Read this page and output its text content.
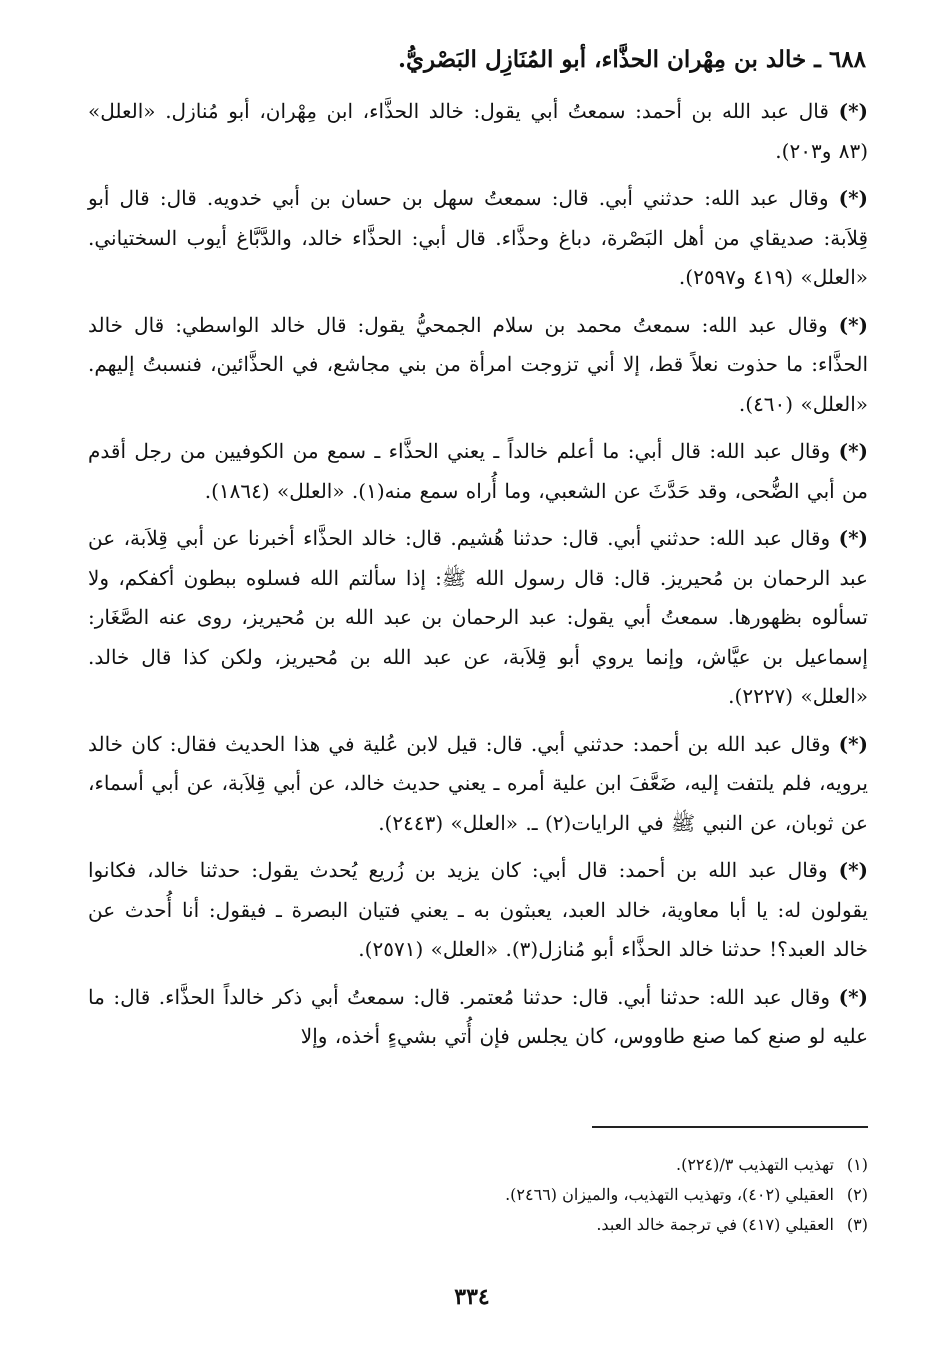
٦٨٨ ـ خالد بن مِهْران الحذَّاء، أبو المُنَازِل البَصْريُّ.

(*) قال عبد الله بن أحمد: سمعتُ أبي يقول: خالد الحذَّاء، ابن مِهْران، أبو مُنازل. «العلل» (٨٣ و٢٠٣).

(*) وقال عبد الله: حدثني أبي. قال: سمعتُ سهل بن حسان بن أبي خدويه. قال: قال أبو قِلاَبة: صديقاي من أهل البَصْرة، دباغ وحذَّاء. قال أبي: الحذَّاء خالد، والدَّبَّاغ أيوب السختياني. «العلل» (٤١٩ و٢٥٩٧).

(*) وقال عبد الله: سمعتُ محمد بن سلام الجمحيُّ يقول: قال خالد الواسطي: قال خالد الحذَّاء: ما حذوت نعلاً قط، إلا أني تزوجت امرأة من بني مجاشع، في الحذَّائين، فنسبتُ إليهم. «العلل» (٤٦٠).

(*) وقال عبد الله: قال أبي: ما أعلم خالداً ـ يعني الحذَّاء ـ سمع من الكوفيين من رجل أقدم من أبي الضُّحى، وقد حَدَّثَ عن الشعبي، وما أُراه سمع منه(١). «العلل» (١٨٦٤).

(*) وقال عبد الله: حدثني أبي. قال: حدثنا هُشيم. قال: خالد الحذَّاء أخبرنا عن أبي قِلاَبة، عن عبد الرحمان بن مُحيريز. قال: قال رسول الله ﷺ: إذا سألتم الله فسلوه ببطون أكفكم، ولا تسألوه بظهورها. سمعتُ أبي يقول: عبد الرحمان بن عبد الله بن مُحيريز، روى عنه الصَّغَار: إسماعيل بن عيَّاش، وإنما يروي أبو قِلاَبة، عن عبد الله بن مُحيريز، ولكن كذا قال خالد. «العلل» (٢٢٢٧).

(*) وقال عبد الله بن أحمد: حدثني أبي. قال: قيل لابن عُلية في هذا الحديث فقال: كان خالد يرويه، فلم يلتفت إليه، ضَعَّفَ ابن علية أمره ـ يعني حديث خالد، عن أبي قِلاَبة، عن أبي أسماء، عن ثوبان، عن النبي ﷺ في الرايات(٢) ـ. «العلل» (٢٤٤٣).

(*) وقال عبد الله بن أحمد: قال أبي: كان يزيد بن زُريع يُحدث يقول: حدثنا خالد، فكانوا يقولون له: يا أبا معاوية، خالد العبد، يعبثون به ـ يعني فتيان البصرة ـ فيقول: أنا أُحدث عن خالد العبد؟! حدثنا خالد الحذَّاء أبو مُنازل(٣). «العلل» (٢٥٧١).

(*) وقال عبد الله: حدثنا أبي. قال: حدثنا مُعتمر. قال: سمعتُ أبي ذكر خالداً الحذَّاء. قال: ما عليه لو صنع كما صنع طاووس، كان يجلس فإن أُتي بشيءٍ أخذه، وإلا

(١)تهذيب التهذيب ٣/(٢٢٤).

(٢)العقيلي (٤٠٢)، وتهذيب التهذيب، والميزان (٢٤٦٦).

(٣)العقيلي (٤١٧) في ترجمة خالد العبد.

٣٣٤
